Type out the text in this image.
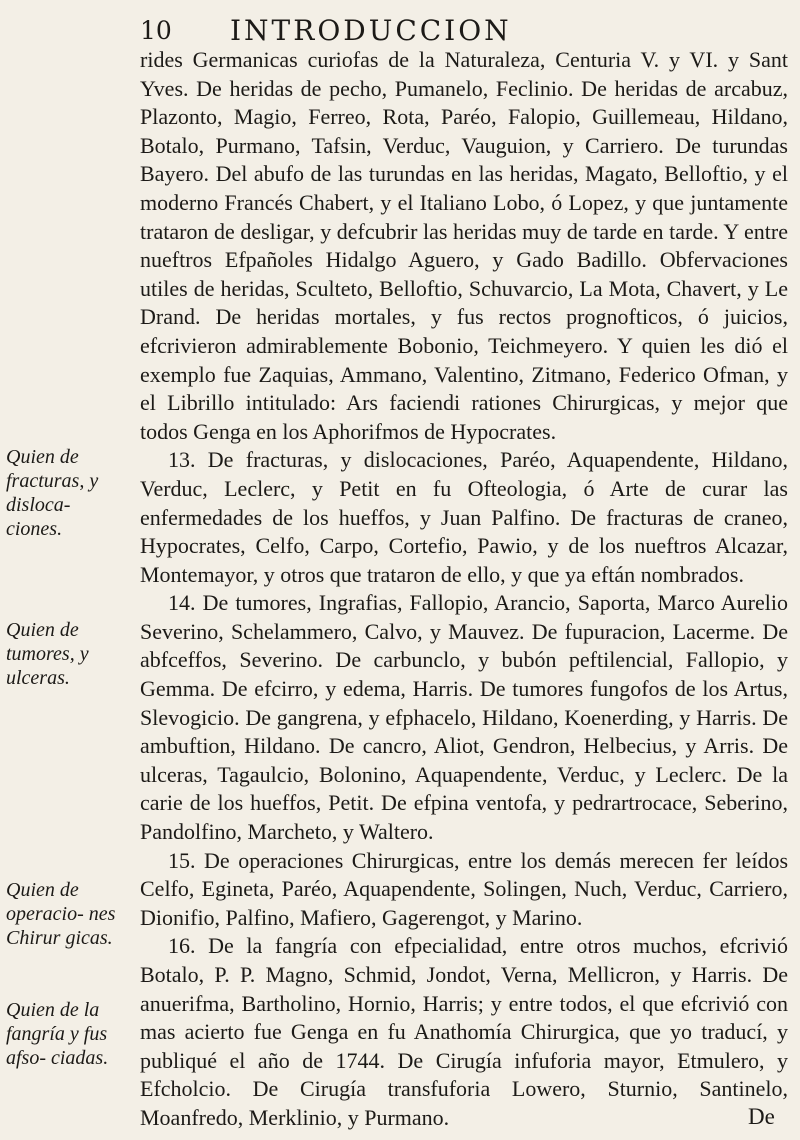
10 INTRODUCCION
Quien de fracturas, y disloca- ciones.
Quien de tumores, y ulceras.
Quien de operacio- nes Chirur gicas.
Quien de la fangría y fus afso- ciadas.

rides Germanicas curiofas de la Naturaleza, Centuria V. y VI. y Sant Yves. De heridas de pecho, Pumanelo, Feclinio. De heridas de arcabuz, Plazonto, Magio, Ferreo, Rota, Paréo, Falopio, Guillemeau, Hildano, Botalo, Purmano, Tafsin, Verduc, Vauguion, y Carriero. De turundas Bayero. Del abufo de las turundas en las heridas, Magato, Belloftio, y el moderno Francés Chabert, y el Italiano Lobo, ó Lopez, y que juntamente trataron de desligar, y defcubrir las heridas muy de tarde en tarde. Y entre nueftros Efpañoles Hidalgo Aguero, y Gado Badillo. Obfervaciones utiles de heridas, Sculteto, Belloftio, Schuvarcio, La Mota, Chavert, y Le Drand. De heridas mortales, y fus rectos prognofticos, ó juicios, efcrivieron admirablemente Bobonio, Teichmeyero. Y quien les dió el exemplo fue Zaquias, Ammano, Valentino, Zitmano, Federico Ofman, y el Librillo intitulado: Ars faciendi rationes Chirurgicas, y mejor que todos Genga en los Aphorifmos de Hypocrates.

13. De fracturas, y dislocaciones, Paréo, Aquapendente, Hildano, Verduc, Leclerc, y Petit en fu Ofteologia, ó Arte de curar las enfermedades de los hueffos, y Juan Palfino. De fracturas de craneo, Hypocrates, Celfo, Carpo, Cortefio, Pawio, y de los nueftros Alcazar, Montemayor, y otros que trataron de ello, y que ya eftán nombrados.

14. De tumores, Ingrafias, Fallopio, Arancio, Saporta, Marco Aurelio Severino, Schelammero, Calvo, y Mauvez. De fupuracion, Lacerme. De abfceffos, Severino. De carbunclo, y bubón peftilencial, Fallopio, y Gemma. De efcirro, y edema, Harris. De tumores fungofos de los Artus, Slevogicio. De gangrena, y efphacelo, Hildano, Koenerding, y Harris. De ambuftion, Hildano. De cancro, Aliot, Gendron, Helbecius, y Arris. De ulceras, Tagaulcio, Bolonino, Aquapendente, Verduc, y Leclerc. De la carie de los hueffos, Petit. De efpina ventofa, y pedrartrocace, Seberino, Pandolfino, Marcheto, y Waltero.

15. De operaciones Chirurgicas, entre los demás merecen fer leídos Celfo, Egineta, Paréo, Aquapendente, Solingen, Nuch, Verduc, Carriero, Dionifio, Palfino, Mafiero, Gagerengot, y Marino.

16. De la fangría con efpecialidad, entre otros muchos, efcrivió Botalo, P. P. Magno, Schmid, Jondot, Verna, Mellicron, y Harris. De anuerifma, Bartholino, Hornio, Harris; y entre todos, el que efcrivió con mas acierto fue Genga en fu Anathomía Chirurgica, que yo traducí, y publiqué el año de 1744. De Cirugía infuforia mayor, Etmulero, y Efcholcio. De Cirugía transfuforia Lowero, Sturnio, Santinelo, Moanfredo, Merklinio, y Purmano.	De
